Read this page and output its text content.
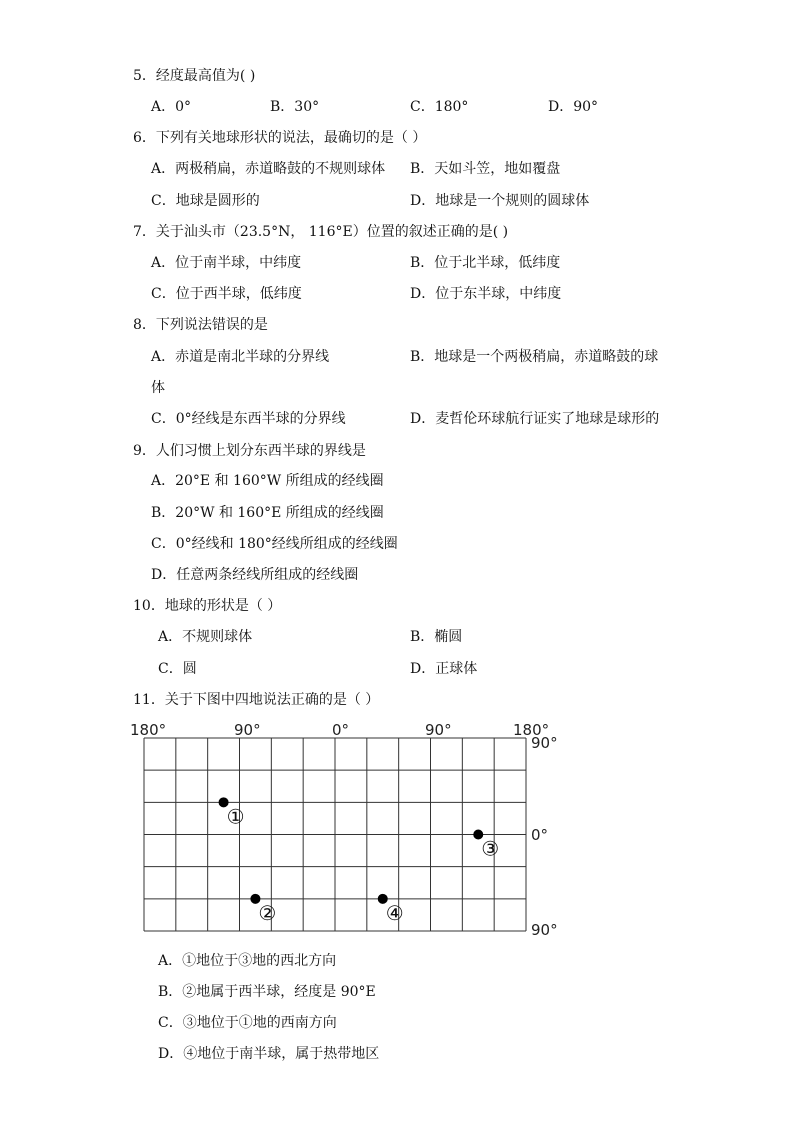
5．经度最高值为( )
A．0°	B．30°	C．180°	D．90°
6．下列有关地球形状的说法，最确切的是（ ）
A．两极稍扁，赤道略鼓的不规则球体 B．天如斗笠，地如覆盘
C．地球是圆形的	D．地球是一个规则的圆球体
7．关于汕头市（23.5°N， 116°E）位置的叙述正确的是( )
A．位于南半球，中纬度	B．位于北半球，低纬度
C．位于西半球，低纬度	D．位于东半球，中纬度
8．下列说法错误的是
A．赤道是南北半球的分界线	B．地球是一个两极稍扁，赤道略鼓的球
体
C．0°经线是东西半球的分界线	D．麦哲伦环球航行证实了地球是球形的
9．人们习惯上划分东西半球的界线是
A．20°E 和 160°W 所组成的经线圈
B．20°W 和 160°E 所组成的经线圈
C．0°经线和 180°经线所组成的经线圈
D．任意两条经线所组成的经线圈
10．地球的形状是（ ）
A．不规则球体	B．椭圆
C．圆	D．正球体
11．关于下图中四地说法正确的是（ ）
180°	90°	0°	90°	180°
90°
0°
90°
①
②
③
④
A．①地位于③地的西北方向
B．②地属于西半球，经度是 90°E
C．③地位于①地的西南方向
D．④地位于南半球，属于热带地区
